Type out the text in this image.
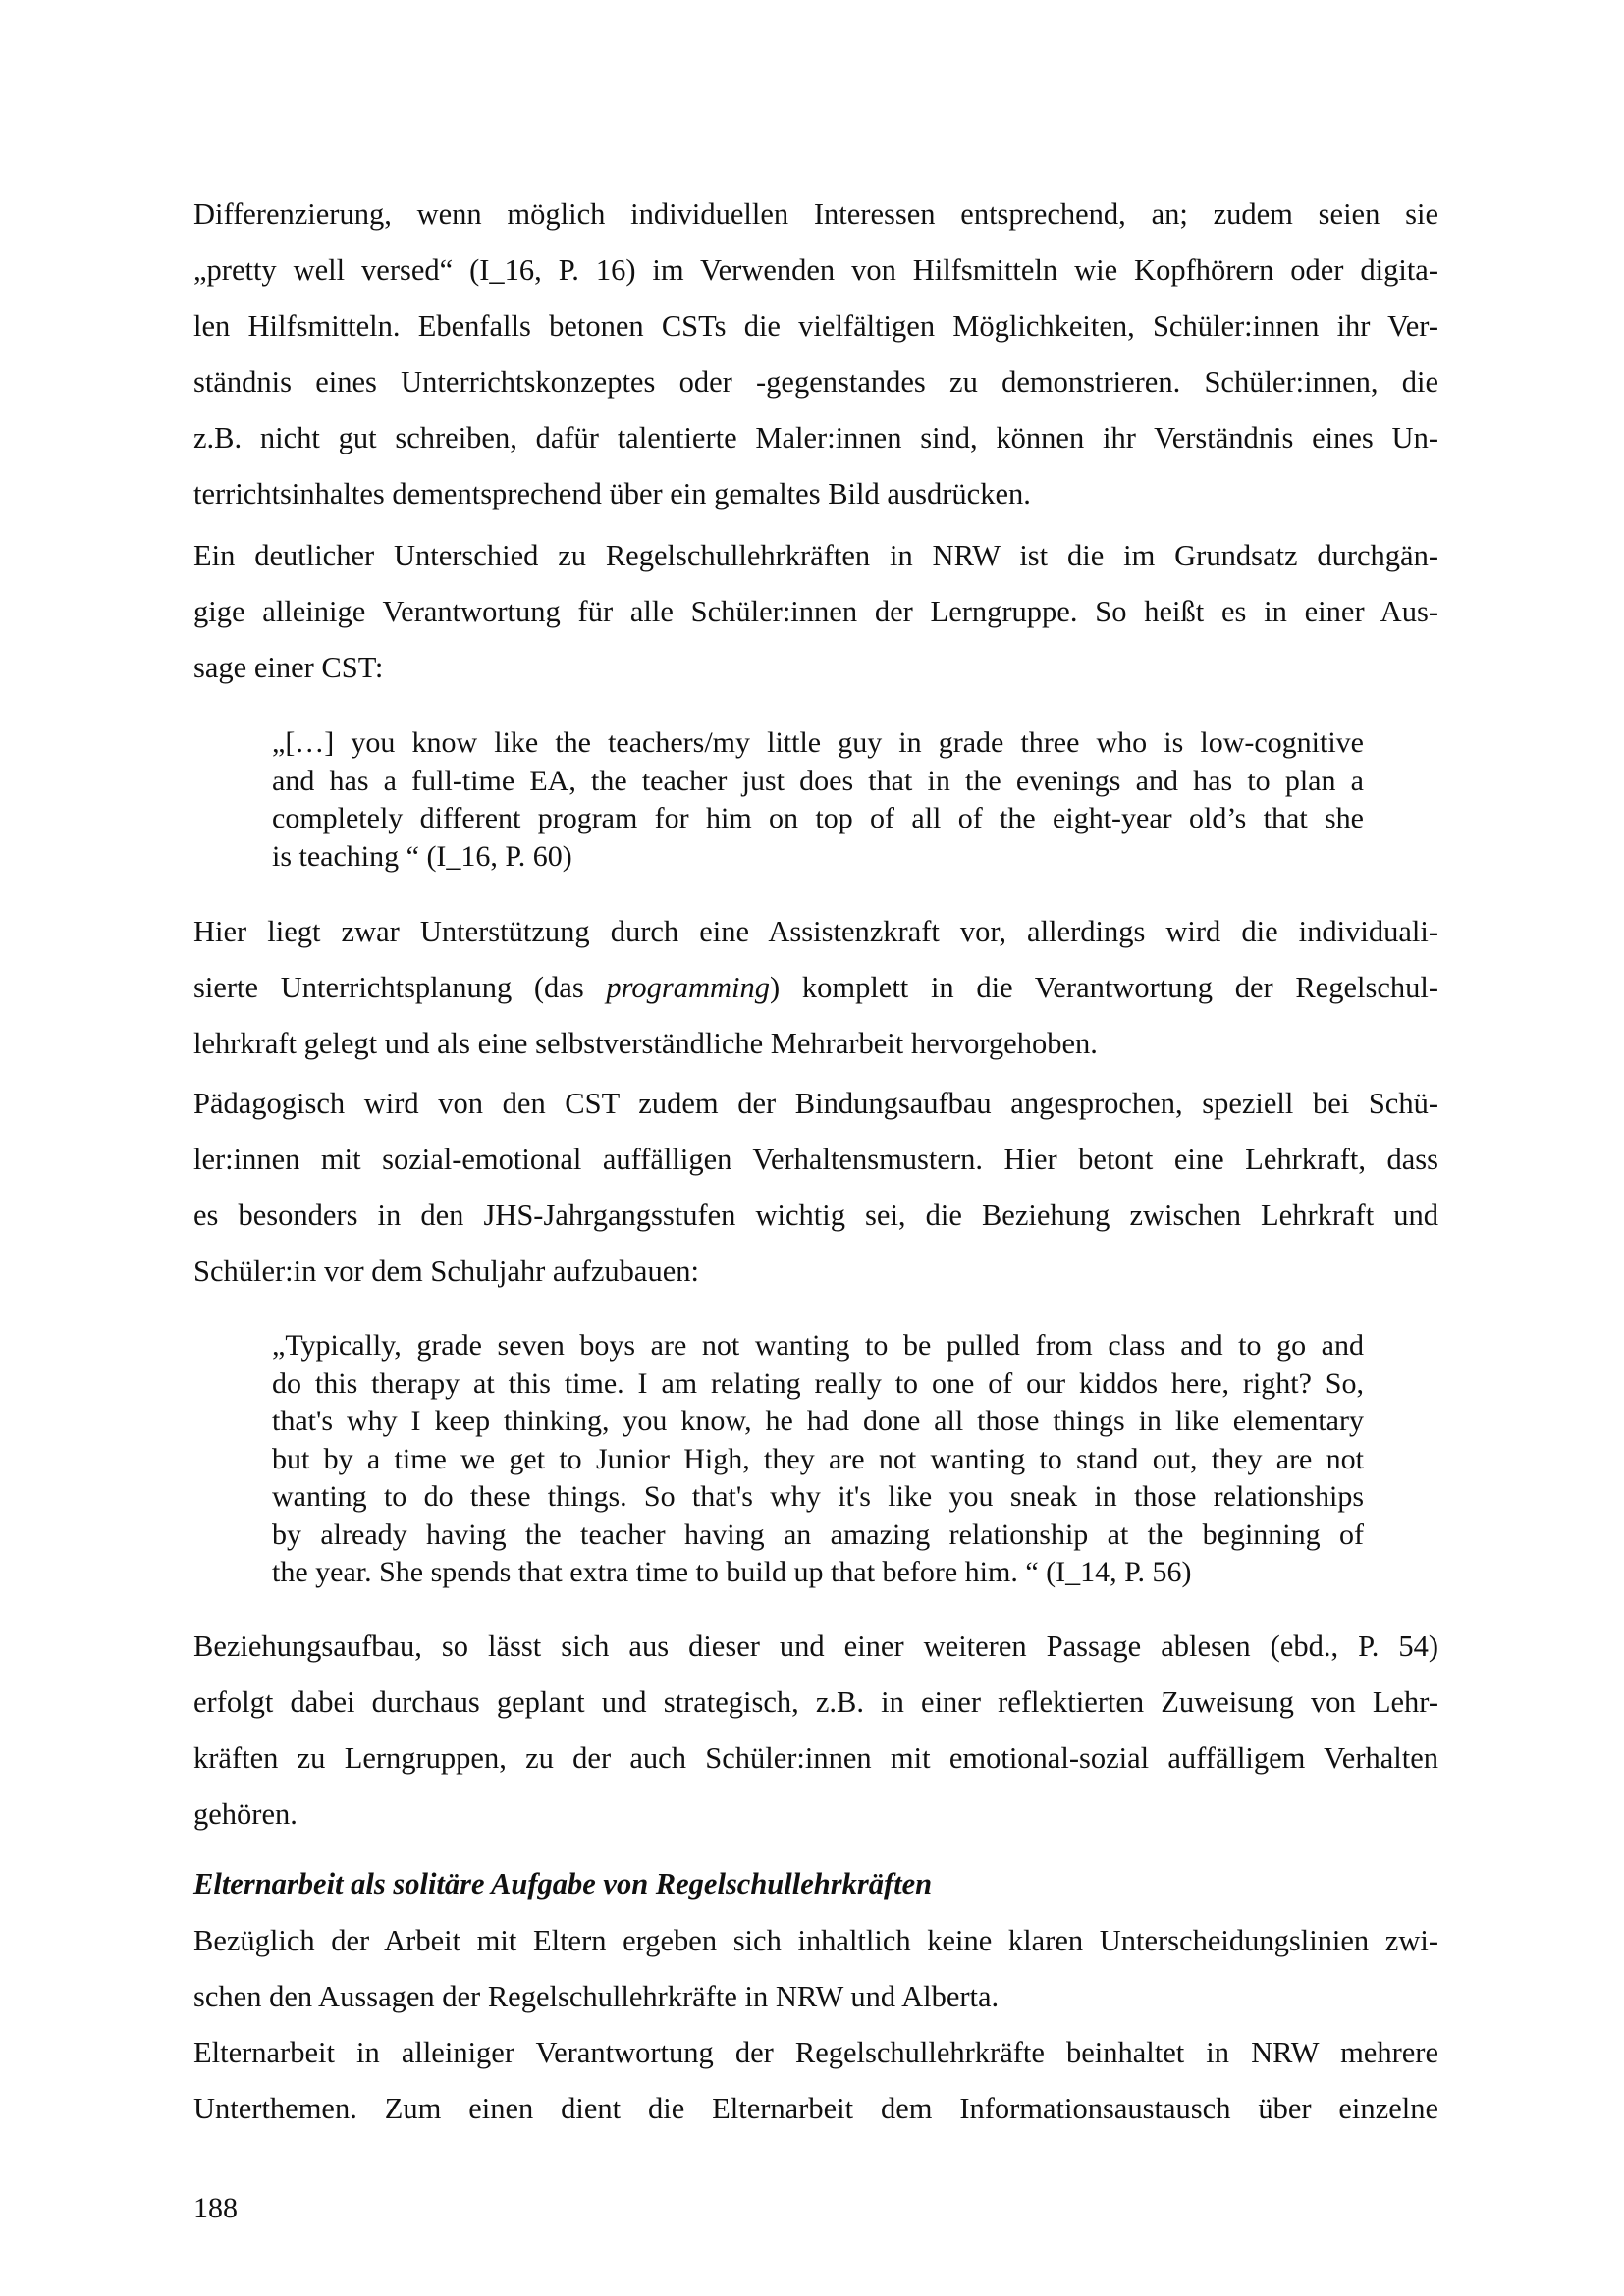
Differenzierung, wenn möglich individuellen Interessen entsprechend, an; zudem seien sie
„pretty well versed“ (I_16, P. 16) im Verwenden von Hilfsmitteln wie Kopfhörern oder digita-
len Hilfsmitteln. Ebenfalls betonen CSTs die vielfältigen Möglichkeiten, Schüler:innen ihr Ver-
ständnis eines Unterrichtskonzeptes oder -gegenstandes zu demonstrieren. Schüler:innen, die
z.B. nicht gut schreiben, dafür talentierte Maler:innen sind, können ihr Verständnis eines Un-
terrichtsinhaltes dementsprechend über ein gemaltes Bild ausdrücken.
Ein deutlicher Unterschied zu Regelschullehrkräften in NRW ist die im Grundsatz durchgän-
gige alleinige Verantwortung für alle Schüler:innen der Lerngruppe. So heißt es in einer Aus-
sage einer CST:
„[…] you know like the teachers/my little guy in grade three who is low-cognitive
and has a full-time EA, the teacher just does that in the evenings and has to plan a
completely different program for him on top of all of the eight-year old’s that she
is teaching “ (I_16, P. 60)
Hier liegt zwar Unterstützung durch eine Assistenzkraft vor, allerdings wird die individuali-
sierte Unterrichtsplanung (das programming) komplett in die Verantwortung der Regelschul-
lehrkraft gelegt und als eine selbstverständliche Mehrarbeit hervorgehoben.
Pädagogisch wird von den CST zudem der Bindungsaufbau angesprochen, speziell bei Schü-
ler:innen mit sozial-emotional auffälligen Verhaltensmustern. Hier betont eine Lehrkraft, dass
es besonders in den JHS-Jahrgangsstufen wichtig sei, die Beziehung zwischen Lehrkraft und
Schüler:in vor dem Schuljahr aufzubauen:
„Typically, grade seven boys are not wanting to be pulled from class and to go and
do this therapy at this time. I am relating really to one of our kiddos here, right? So,
that's why I keep thinking, you know, he had done all those things in like elementary
but by a time we get to Junior High, they are not wanting to stand out, they are not
wanting to do these things. So that's why it's like you sneak in those relationships
by already having the teacher having an amazing relationship at the beginning of
the year. She spends that extra time to build up that before him. “ (I_14, P. 56)
Beziehungsaufbau, so lässt sich aus dieser und einer weiteren Passage ablesen (ebd., P. 54)
erfolgt dabei durchaus geplant und strategisch, z.B. in einer reflektierten Zuweisung von Lehr-
kräften zu Lerngruppen, zu der auch Schüler:innen mit emotional-sozial auffälligem Verhalten
gehören.
Elternarbeit als solitäre Aufgabe von Regelschullehrkräften
Bezüglich der Arbeit mit Eltern ergeben sich inhaltlich keine klaren Unterscheidungslinien zwi-
schen den Aussagen der Regelschullehrkräfte in NRW und Alberta.
Elternarbeit in alleiniger Verantwortung der Regelschullehrkräfte beinhaltet in NRW mehrere
Unterthemen. Zum einen dient die Elternarbeit dem Informationsaustausch über einzelne
188
